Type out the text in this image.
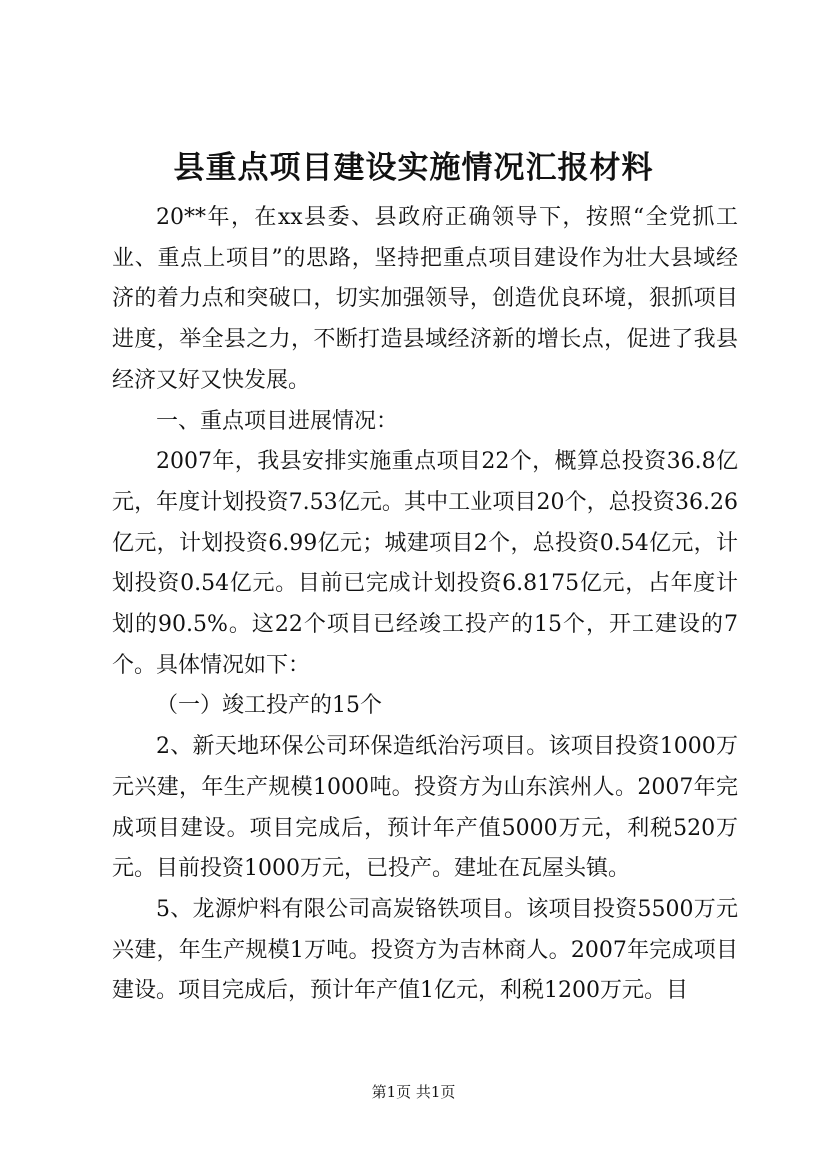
县重点项目建设实施情况汇报材料

20**年，在xx县委、县政府正确领导下，按照“全党抓工业、重点上项目”的思路，坚持把重点项目建设作为壮大县域经济的着力点和突破口，切实加强领导，创造优良环境，狠抓项目进度，举全县之力，不断打造县域经济新的增长点，促进了我县经济又好又快发展。

一、重点项目进展情况：

2007年，我县安排实施重点项目22个，概算总投资36.8亿元，年度计划投资7.53亿元。其中工业项目20个，总投资36.26亿元，计划投资6.99亿元；城建项目2个，总投资0.54亿元，计划投资0.54亿元。目前已完成计划投资6.8175亿元，占年度计划的90.5%。这22个项目已经竣工投产的15个，开工建设的7个。具体情况如下：

（一）竣工投产的15个

2、新天地环保公司环保造纸治污项目。该项目投资1000万元兴建，年生产规模1000吨。投资方为山东滨州人。2007年完成项目建设。项目完成后，预计年产值5000万元，利税520万元。目前投资1000万元，已投产。建址在瓦屋头镇。

5、龙源炉料有限公司高炭铬铁项目。该项目投资5500万元兴建，年生产规模1万吨。投资方为吉林商人。2007年完成项目建设。项目完成后，预计年产值1亿元，利税1200万元。目

第1页 共1页
